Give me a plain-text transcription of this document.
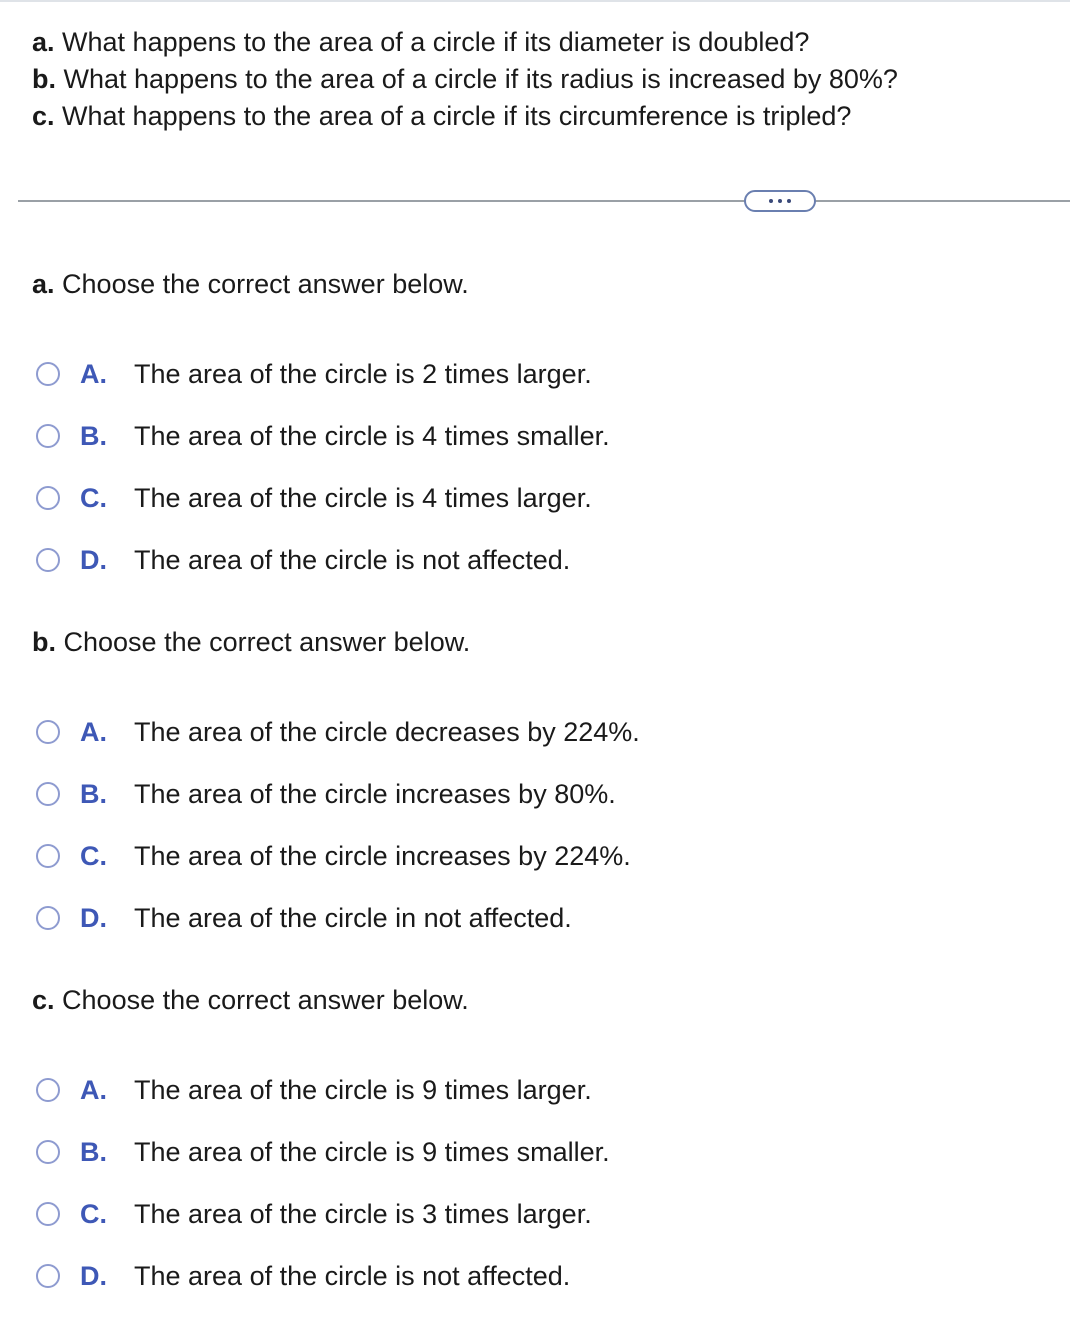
a. What happens to the area of a circle if its diameter is doubled?
b. What happens to the area of a circle if its radius is increased by 80%?
c. What happens to the area of a circle if its circumference is tripled?
a. Choose the correct answer below.
A.	The area of the circle is 2 times larger.
B.	The area of the circle is 4 times smaller.
C.	The area of the circle is 4 times larger.
D.	The area of the circle is not affected.
b. Choose the correct answer below.
A.	The area of the circle decreases by 224%.
B.	The area of the circle increases by 80%.
C.	The area of the circle increases by 224%.
D.	The area of the circle in not affected.
c. Choose the correct answer below.
A.	The area of the circle is 9 times larger.
B.	The area of the circle is 9 times smaller.
C.	The area of the circle is 3 times larger.
D.	The area of the circle is not affected.
